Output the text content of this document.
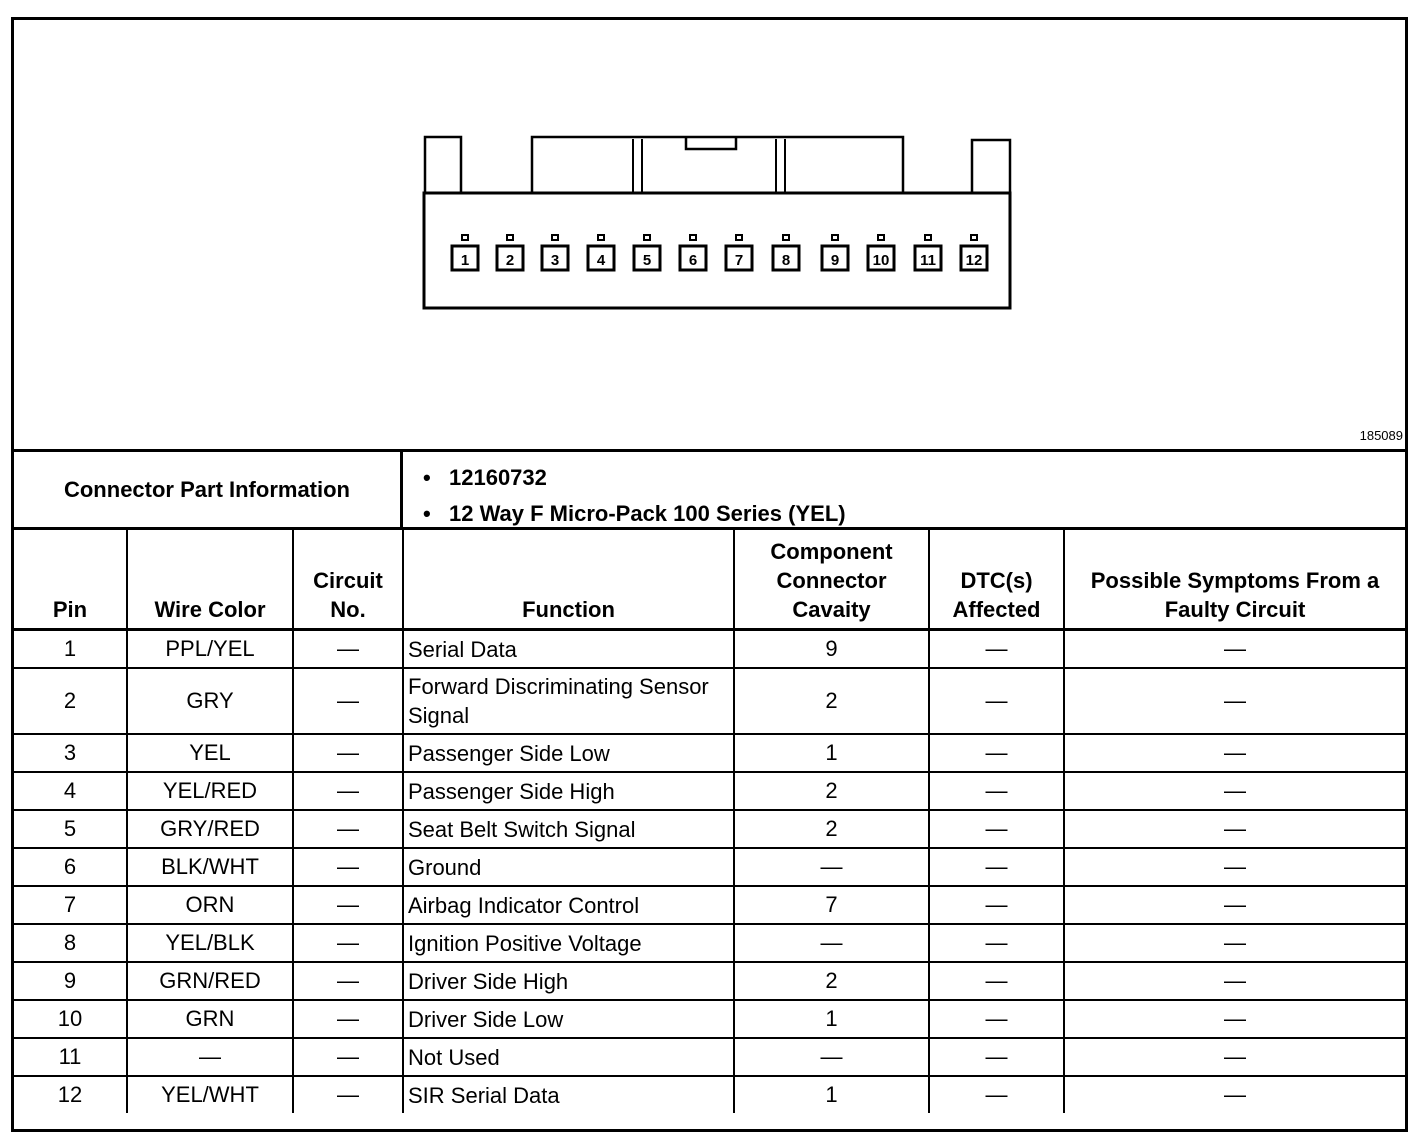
1 2 3	4	5	6	7	8	9 10 11 12
185089
Connector Part Information	• 12160732
• 12 Way F Micro-Pack 100 Series (YEL)
Pin	Wire Color	Circuit No.	Function	Component Connector Cavaity	DTC(s) Affected	Possible Symptoms From a Faulty Circuit
1	PPL/YEL	—	Serial Data	9	—	—
2	GRY	—	Forward Discriminating Sensor Signal	2	—	—
3	YEL	—	Passenger Side Low	1	—	—
4	YEL/RED	—	Passenger Side High	2	—	—
5	GRY/RED	—	Seat Belt Switch Signal	2	—	—
6	BLK/WHT	—	Ground	—	—	—
7	ORN	—	Airbag Indicator Control	7	—	—
8	YEL/BLK	—	Ignition Positive Voltage	—	—	—
9	GRN/RED	—	Driver Side High	2	—	—
10	GRN	—	Driver Side Low	1	—	—
11	—	—	Not Used	—	—	—
12	YEL/WHT	—	SIR Serial Data	1	—	—
